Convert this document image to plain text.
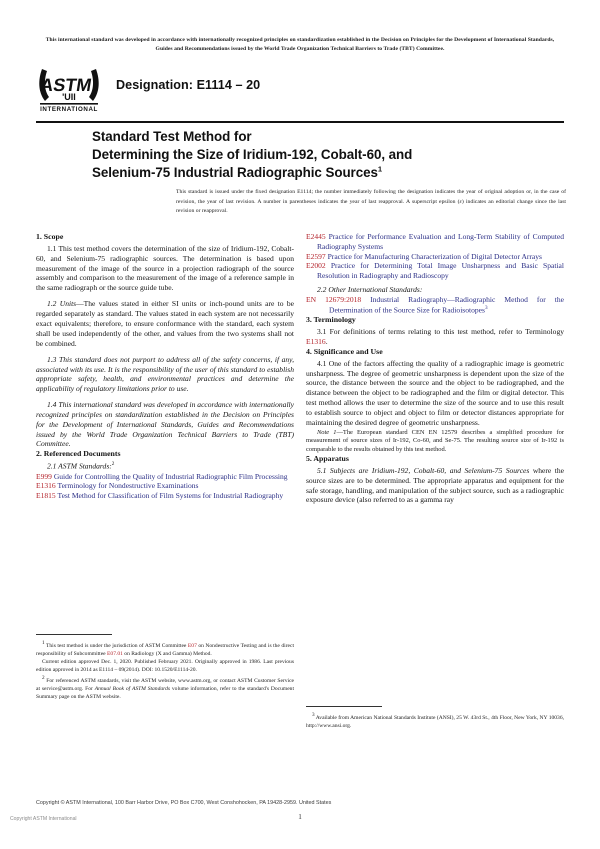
This international standard was developed in accordance with internationally recognized principles on standardization established in the Decision on Principles for the Development of International Standards, Guides and Recommendations issued by the World Trade Organization Technical Barriers to Trade (TBT) Committee.
ASTM
'UII
INTERNATIONAL
Designation: E1114 – 20
Standard Test Method for
Determining the Size of Iridium-192, Cobalt-60, and
Selenium-75 Industrial Radiographic Sources$^1$
This standard is issued under the fixed designation E1114; the number immediately following the designation indicates the year of original adoption or, in the case of revision, the year of last revision. A number in parentheses indicates the year of last reapproval. A superscript epsilon (ε) indicates an editorial change since the last revision or reapproval.
1. Scope

1.1 This test method covers the determination of the size of Iridium-192, Cobalt-60, and Selenium-75 radiographic sources. The determination is based upon measurement of the image of the source in a projection radiograph of the source assembly and comparison to the measurement of the image of a reference sample in the same radiograph or the source guide tube.

1.2 Units—The values stated in either SI units or inch-pound units are to be regarded separately as standard. The values stated in each system are not necessarily exact equivalents; therefore, to ensure conformance with the standard, each system shall be used independently of the other, and values from the two systems shall not be combined.

1.3 This standard does not purport to address all of the safety concerns, if any, associated with its use. It is the responsibility of the user of this standard to establish appropriate safety, health, and environmental practices and determine the applicability of regulatory limitations prior to use.

1.4 This international standard was developed in accordance with internationally recognized principles on standardization established in the Decision on Principles for the Development of International Standards, Guides and Recommendations issued by the World Trade Organization Technical Barriers to Trade (TBT) Committee.

2. Referenced Documents

2.1 ASTM Standards:$^2$

E999 Guide for Controlling the Quality of Industrial Radiographic Film Processing

E1316 Terminology for Nondestructive Examinations

E1815 Test Method for Classification of Film Systems for Industrial Radiography

E2445 Practice for Performance Evaluation and Long-Term Stability of Computed Radiography Systems

E2597 Practice for Manufacturing Characterization of Digital Detector Arrays

E2002 Practice for Determining Total Image Unsharpness and Basic Spatial Resolution in Radiography and Radioscopy

2.2 Other International Standards:

EN 12679:2018 Industrial Radiography—Radiographic Method for the Determination of the Source Size for Radioisotopes$^3$

3. Terminology

3.1 For definitions of terms relating to this test method, refer to Terminology E1316.

4. Significance and Use

4.1 One of the factors affecting the quality of a radiographic image is geometric unsharpness. The degree of geometric unsharpness is dependent upon the size of the source, the distance between the source and the object to be radiographed, and the distance between the object to be radiographed and the film or digital detector. This test method allows the user to determine the size of the source and to use this result to establish source to object and object to film or detector distances appropriate for maintaining the desired degree of geometric unsharpness.

Note 1—The European standard CEN EN 12579 describes a simplified procedure for measurement of source sizes of Ir-192, Co-60, and Se-75. The resulting source size of Ir-192 is comparable to the results obtained by this test method.

5. Apparatus

5.1 Subjects are Iridium-192, Cobalt-60, and Selenium-75 Sources where the source sizes are to be determined. The appropriate apparatus and equipment for the safe storage, handling, and manipulation of the subject source, such as a radiographic exposure device (also referred to as a gamma ray

$^1$ This test method is under the jurisdiction of ASTM Committee E07 on Nondestructive Testing and is the direct responsibility of Subcommittee E07.01 on Radiology (X and Gamma) Method.

Current edition approved Dec. 1, 2020. Published February 2021. Originally approved in 1986. Last previous edition approved in 2014 as E1114 – 09(2014). DOI: 10.1520/E1114-20.

$^2$ For referenced ASTM standards, visit the ASTM website, www.astm.org, or contact ASTM Customer Service at service@astm.org. For Annual Book of ASTM Standards volume information, refer to the standard's Document Summary page on the ASTM website.

$^3$ Available from American National Standards Institute (ANSI), 25 W. 43rd St., 4th Floor, New York, NY 10036, http://www.ansi.org.

Copyright © ASTM International, 100 Barr Harbor Drive, PO Box C700, West Conshohocken, PA 19428-2959. United States
Copyright ASTM International	1
